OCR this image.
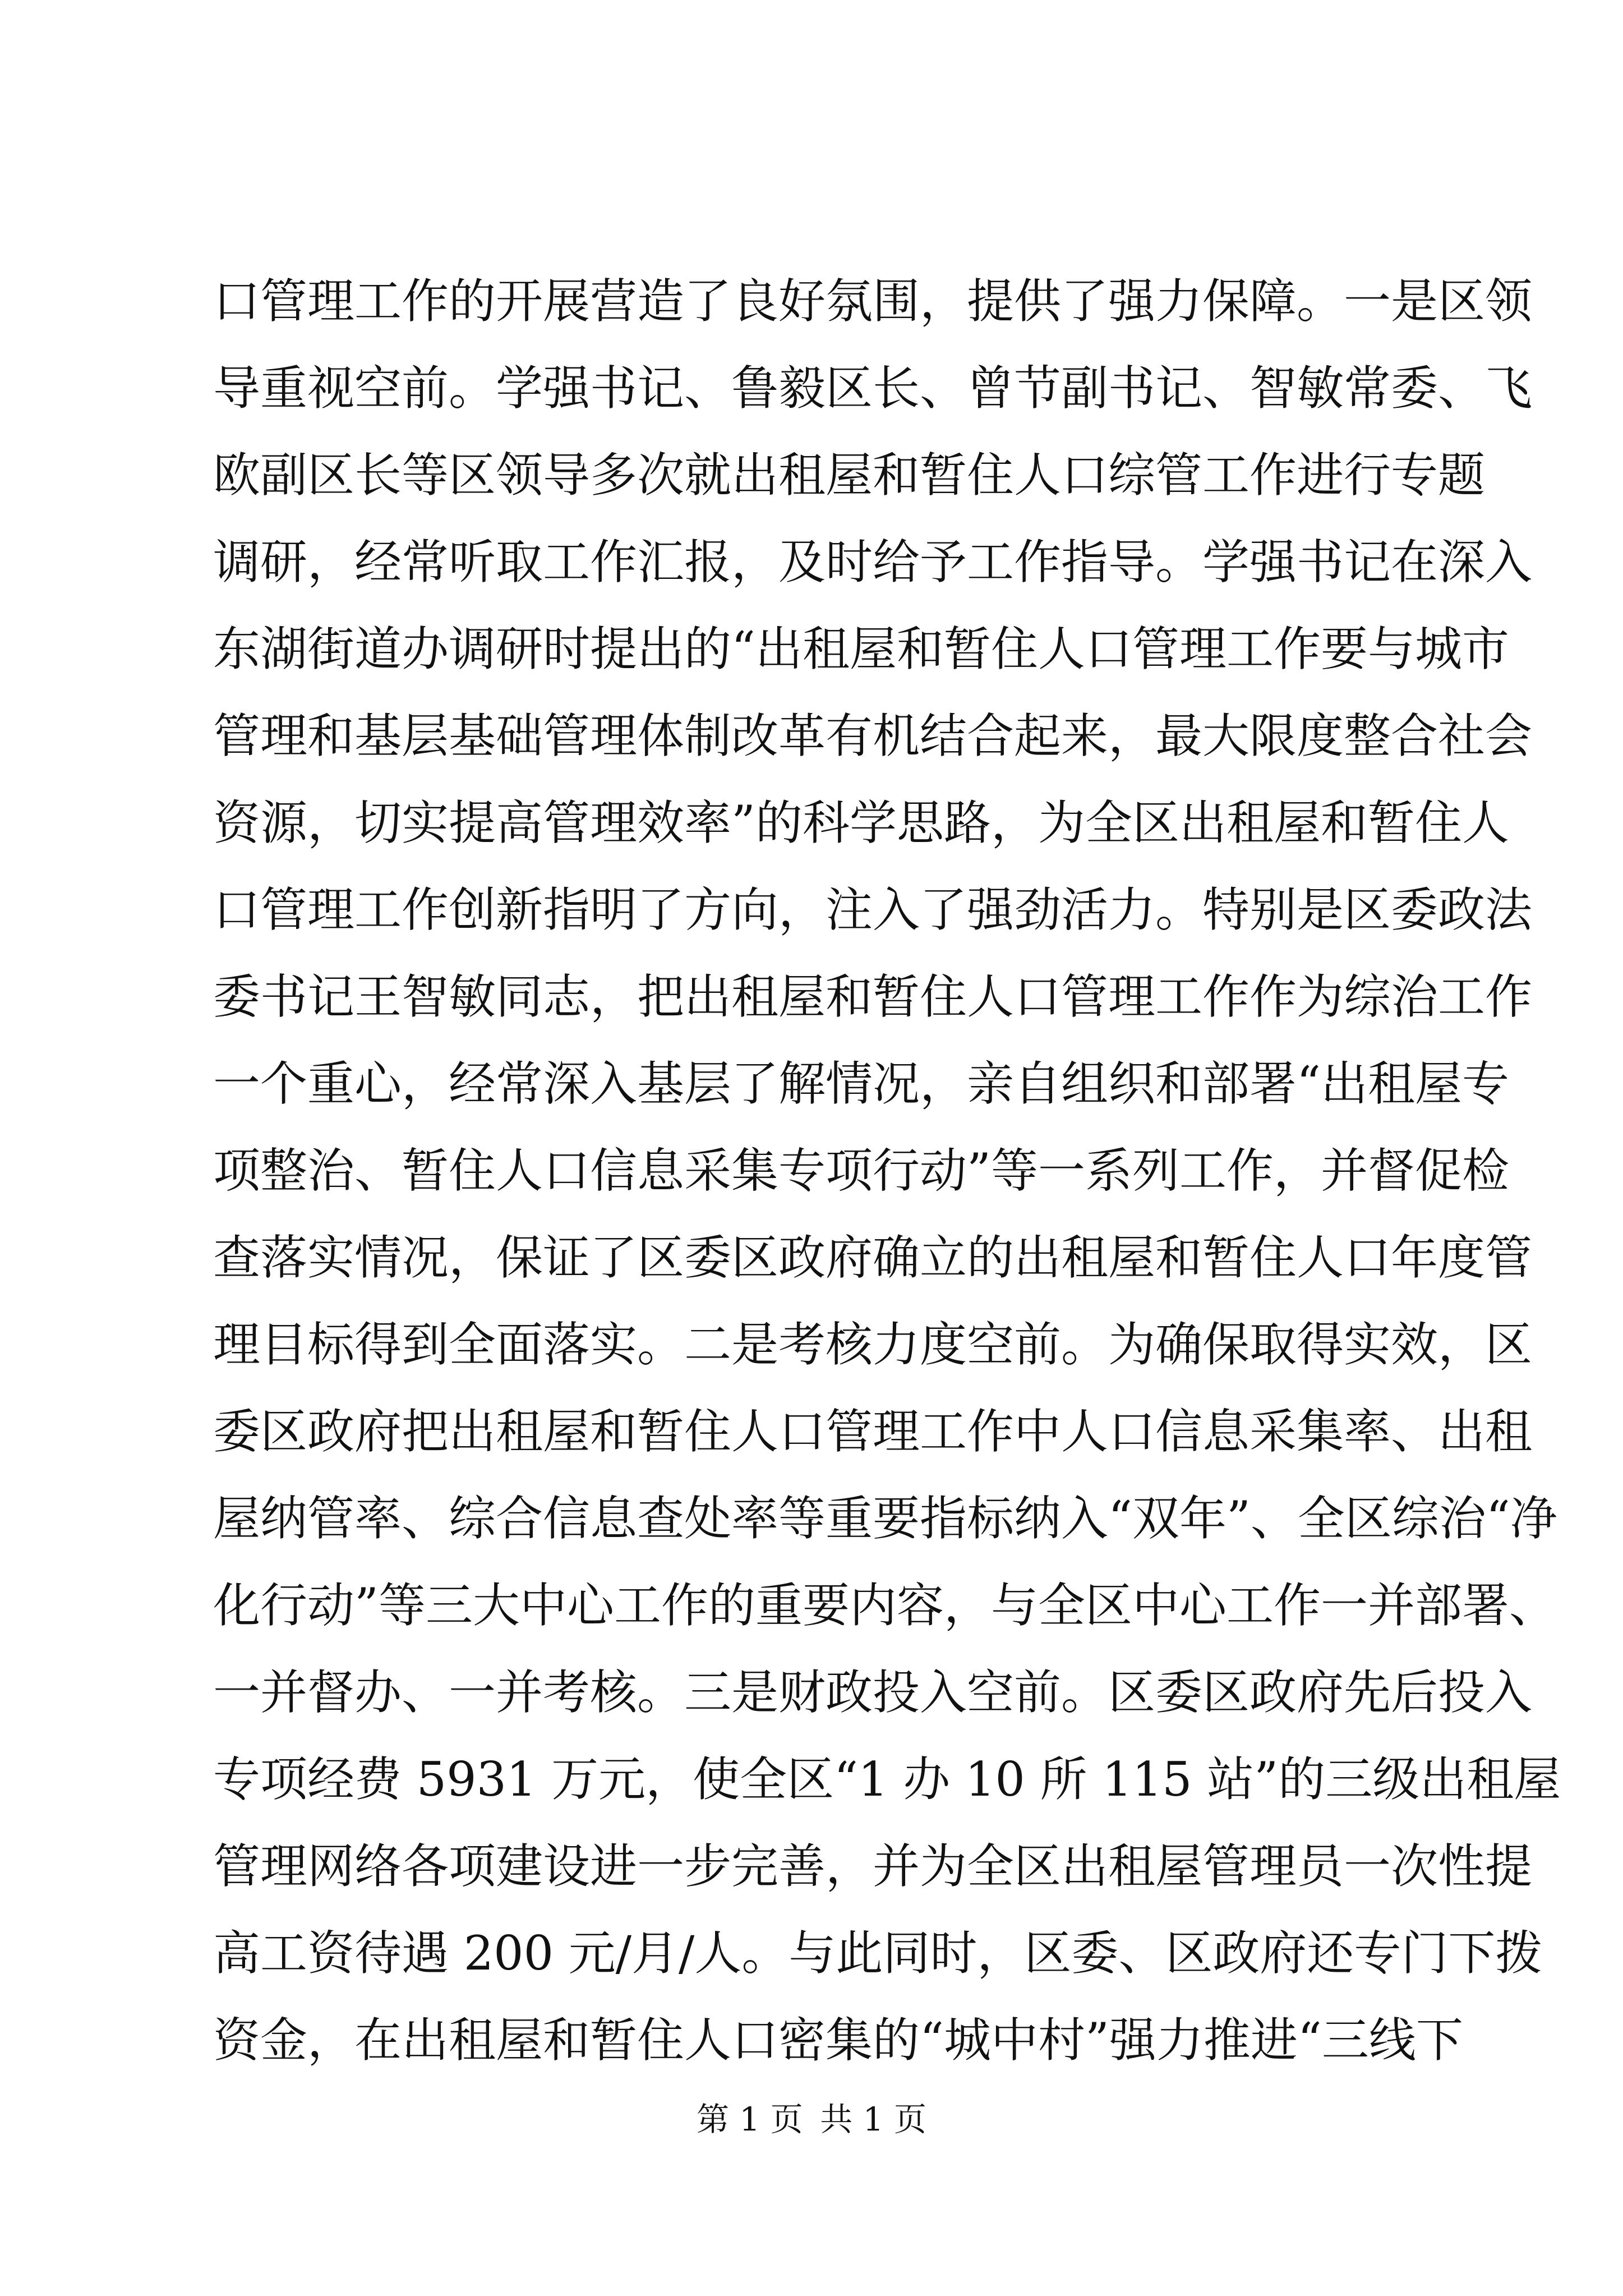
口管理工作的开展营造了良好氛围，提供了强力保障。一是区领
导重视空前。学强书记、鲁毅区长、曾节副书记、智敏常委、飞
欧副区长等区领导多次就出租屋和暂住人口综管工作进行专题
调研，经常听取工作汇报，及时给予工作指导。学强书记在深入
东湖街道办调研时提出的“出租屋和暂住人口管理工作要与城市
管理和基层基础管理体制改革有机结合起来，最大限度整合社会
资源，切实提高管理效率”的科学思路，为全区出租屋和暂住人
口管理工作创新指明了方向，注入了强劲活力。特别是区委政法
委书记王智敏同志，把出租屋和暂住人口管理工作作为综治工作
一个重心，经常深入基层了解情况，亲自组织和部署“出租屋专
项整治、暂住人口信息采集专项行动”等一系列工作，并督促检
查落实情况，保证了区委区政府确立的出租屋和暂住人口年度管
理目标得到全面落实。二是考核力度空前。为确保取得实效，区
委区政府把出租屋和暂住人口管理工作中人口信息采集率、出租
屋纳管率、综合信息查处率等重要指标纳入“双年”、全区综治“净
化行动”等三大中心工作的重要内容，与全区中心工作一并部署、
一并督办、一并考核。三是财政投入空前。区委区政府先后投入
专项经费 5931 万元，使全区“1 办 10 所 115 站”的三级出租屋
管理网络各项建设进一步完善，并为全区出租屋管理员一次性提
高工资待遇 200 元/月/人。与此同时，区委、区政府还专门下拨
资金，在出租屋和暂住人口密集的“城中村”强力推进“三线下
第 1 页 共 1 页
